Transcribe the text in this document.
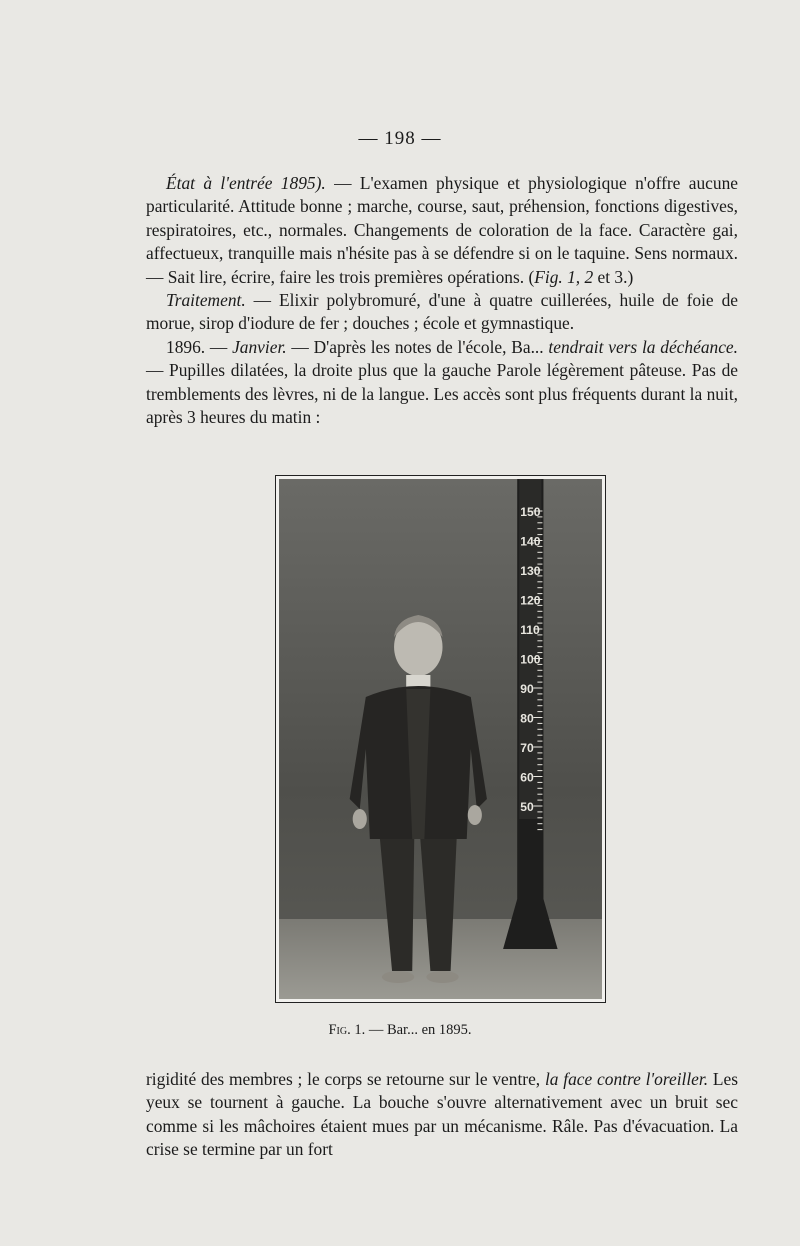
— 198 —

État à l'entrée 1895). — L'examen physique et physiologique n'offre aucune particularité. Attitude bonne ; marche, course, saut, préhension, fonctions digestives, respiratoires, etc., normales. Changements de coloration de la face. Caractère gai, affectueux, tranquille mais n'hésite pas à se défendre si on le taquine. Sens normaux. — Sait lire, écrire, faire les trois premières opérations. (Fig. 1, 2 et 3.)

Traitement. — Elixir polybromuré, d'une à quatre cuillerées, huile de foie de morue, sirop d'iodure de fer ; douches ; école et gymnastique.

1896. — Janvier. — D'après les notes de l'école, Ba... tendrait vers la déchéance. — Pupilles dilatées, la droite plus que la gauche Parole légèrement pâteuse. Pas de tremblements des lèvres, ni de la langue. Les accès sont plus fréquents durant la nuit, après 3 heures du matin :

150
140
130
120
110
100
90
80
70
60
50
Fig. 1. — Bar... en 1895.

rigidité des membres ; le corps se retourne sur le ventre, la face contre l'oreiller. Les yeux se tournent à gauche. La bouche s'ouvre alternativement avec un bruit sec comme si les mâchoires étaient mues par un mécanisme. Râle. Pas d'évacuation. La crise se termine par un fort
